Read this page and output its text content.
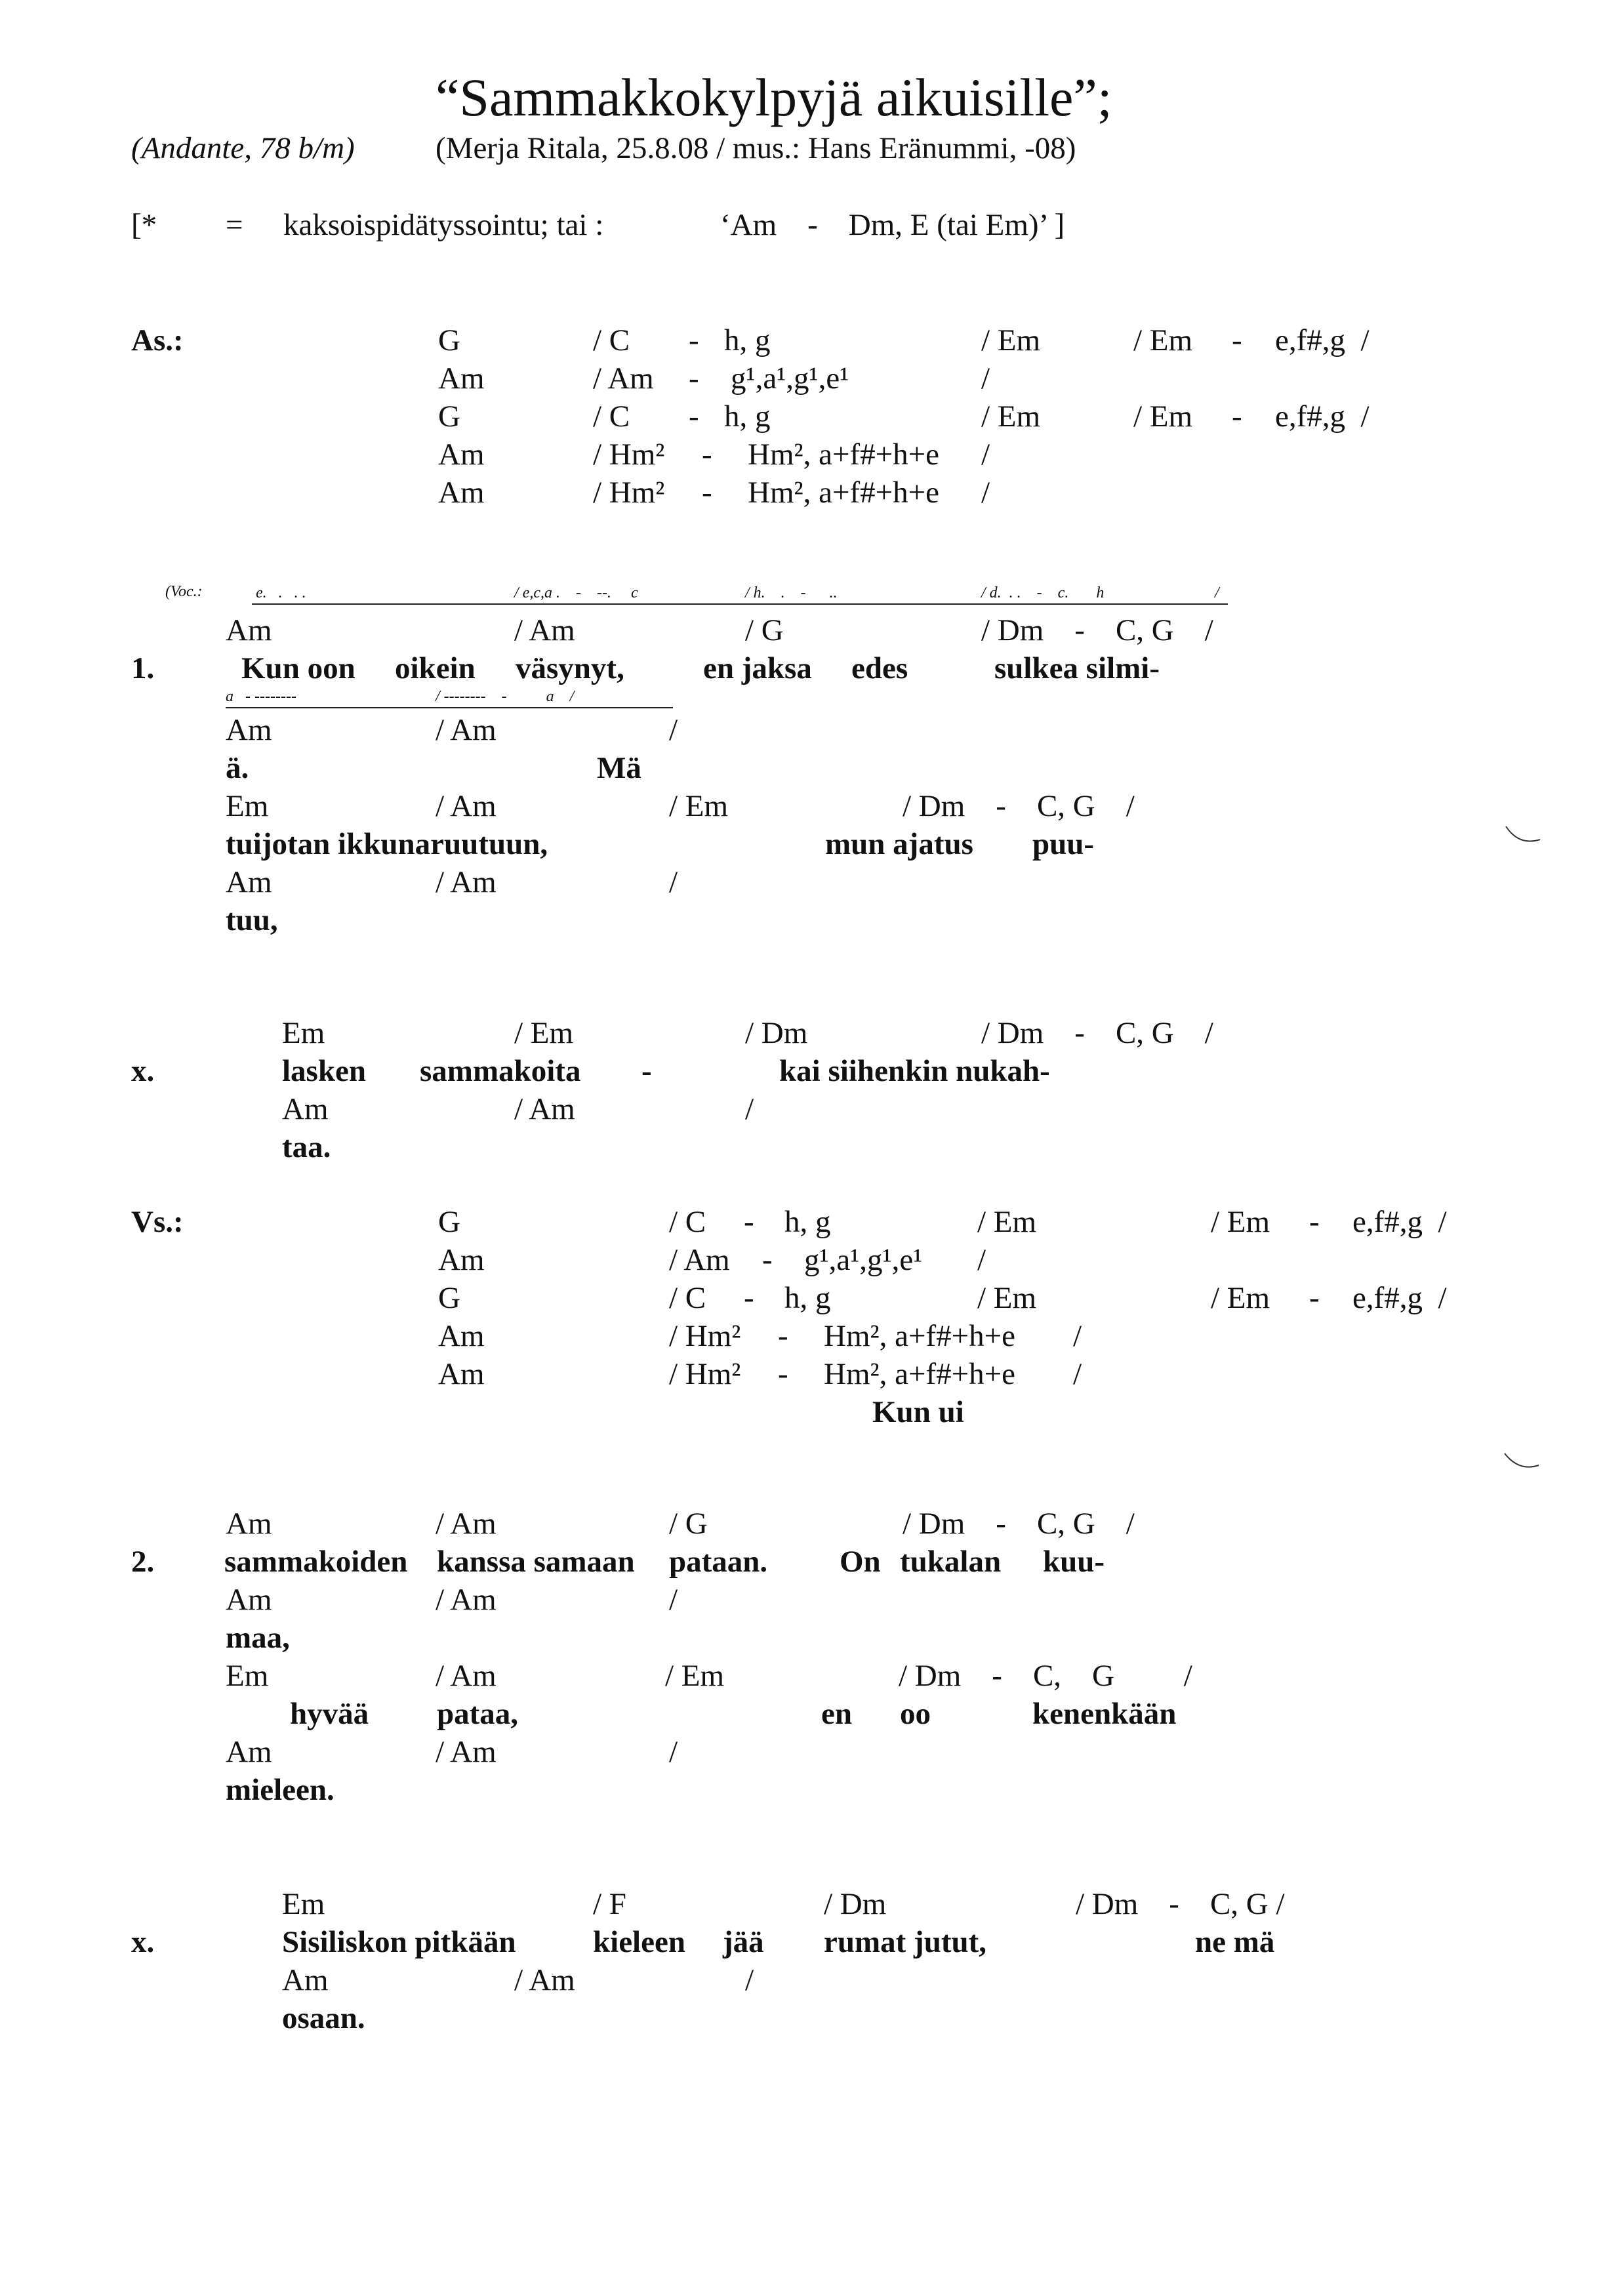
“Sammakkokylpyjä aikuisille”;
(Andante, 78 b/m)	(Merja Ritala, 25.8.08 / mus.: Hans Eränummi, -08)
[* = kaksoispidätyssointu; tai :	‘Am    -    Dm, E (tai Em)’ ]
As.:	G	/ C - h, g	/ Em	/ Em - e,f#,g  /
Am	/ Am - g¹,a¹,g¹,e¹	/
G	/ C - h, g	/ Em	/ Em - e,f#,g  /
Am	/ Hm² - Hm², a+f#+h+e /
Am	/ Hm² - Hm², a+f#+h+e /
(Voc.:	e.   .   . .	/ e,c,a .    -    --.     c	/ h.    .    -      ..	/ d.  . .    -    c.       h	/
Am	/ Am	/ G	/ Dm    -    C, G    /
1.	Kun oon oikein väsynyt,	en jaksa edes	sulkea silmi-
a   - --------	/ --------    -          a    /
Am	/ Am	/
ä.	Mä
Em	/ Am	/ Em	/ Dm    -    C, G    /
tuijotan ikkunaruutuun,	mun ajatus puu-
Am	/ Am	/
tuu,
Em	/ Em	/ Dm	/ Dm    -    C, G    /
x.	lasken sammakoita -	kai siihenkin nukah-
Am	/ Am	/
taa.
Vs.:	G	/ C - h, g	/ Em	/ Em - e,f#,g  /
Am	/ Am - g¹,a¹,g¹,e¹ /
G	/ C - h, g	/ Em	/ Em - e,f#,g  /
Am	/ Hm² - Hm², a+f#+h+e /
Am	/ Hm² - Hm², a+f#+h+e /
Kun ui
Am	/ Am	/ G	/ Dm    -    C, G    /
2. sammakoiden kanssa samaan pataan. On tukalan kuu-
Am	/ Am	/
maa,
Em	/ Am	/ Em	/ Dm    -    C,    G         /
hyvää pataa,	en oo	kenenkään
Am	/ Am	/
mieleen.
Em	/ F	/ Dm	/ Dm    -    C, G /
x.	Sisiliskon pitkään kieleen jää rumat jutut,	ne mä
Am	/ Am	/
osaan.
